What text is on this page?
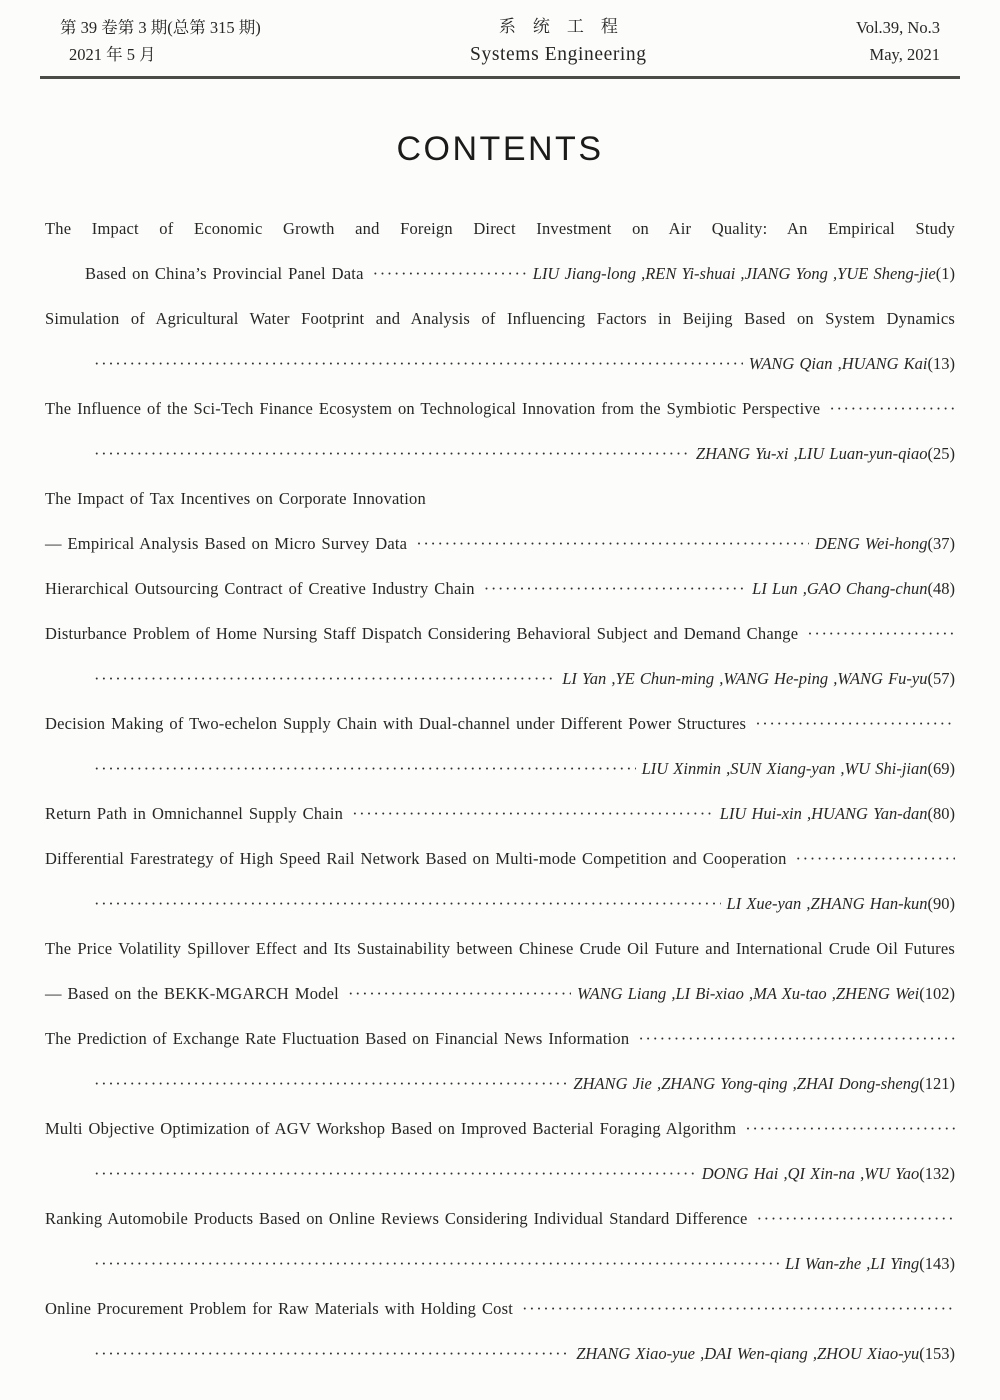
第 39 卷第 3 期(总第 315 期)
2021 年 5 月
系统工程
Systems Engineering
Vol.39, No.3
May, 2021
CONTENTS
The Impact of Economic Growth and Foreign Direct Investment on Air Quality: An Empirical Study
Based on China’s Provincial Panel Data ·····	LIU Jiang-long ,REN Yi-shuai ,JIANG Yong ,YUE Sheng-jie (1)
Simulation of Agricultural Water Footprint and Analysis of Influencing Factors in Beijing Based on System Dynamics
·····
WANG Qian ,HUANG Kai (13)
The Influence of the Sci-Tech Finance Ecosystem on Technological Innovation from the Symbiotic Perspective
·····
·····
ZHANG Yu-xi ,LIU Luan-yun-qiao (25)
The Impact of Tax Incentives on Corporate Innovation
— Empirical Analysis Based on Micro Survey Data ·····	DENG Wei-hong (37)
Hierarchical Outsourcing Contract of Creative Industry Chain ·····	LI Lun ,GAO Chang-chun (48)
Disturbance Problem of Home Nursing Staff Dispatch Considering Behavioral Subject and Demand Change
·····
·····
LI Yan ,YE Chun-ming ,WANG He-ping ,WANG Fu-yu (57)
Decision Making of Two-echelon Supply Chain with Dual-channel under Different Power Structures
·····
·····
LIU Xinmin ,SUN Xiang-yan ,WU Shi-jian (69)
Return Path in Omnichannel Supply Chain ·····	LIU Hui-xin ,HUANG Yan-dan (80)
Differential Farestrategy of High Speed Rail Network Based on Multi-mode Competition and Cooperation
·····
·····
LI Xue-yan ,ZHANG Han-kun (90)
The Price Volatility Spillover Effect and Its Sustainability between Chinese Crude Oil Future and International Crude Oil Futures
— Based on the BEKK-MGARCH Model ·····	WANG Liang ,LI Bi-xiao ,MA Xu-tao ,ZHENG Wei (102)
The Prediction of Exchange Rate Fluctuation Based on Financial News Information
·····
·····
ZHANG Jie ,ZHANG Yong-qing ,ZHAI Dong-sheng (121)
Multi Objective Optimization of AGV Workshop Based on Improved Bacterial Foraging Algorithm
·····
·····
DONG Hai ,QI Xin-na ,WU Yao (132)
Ranking Automobile Products Based on Online Reviews Considering Individual Standard Difference
·····
·····
LI Wan-zhe ,LI Ying (143)
Online Procurement Problem for Raw Materials with Holding Cost
·····
·····
ZHANG Xiao-yue ,DAI Wen-qiang ,ZHOU Xiao-yu (153)
